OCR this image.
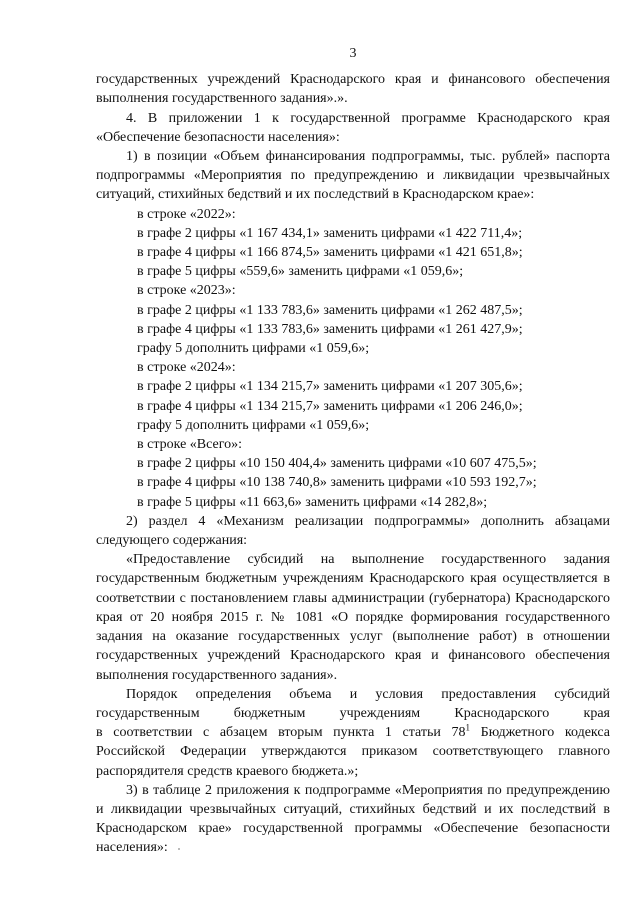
3

государственных учреждений Краснодарского края и финансового обеспечения выполнения государственного задания».».

4. В приложении 1 к государственной программе Краснодарского края «Обеспечение безопасности населения»:

1) в позиции «Объем финансирования подпрограммы, тыс. рублей» паспорта подпрограммы «Мероприятия по предупреждению и ликвидации чрезвычайных ситуаций, стихийных бедствий и их последствий в Краснодарском крае»:

в строке «2022»:

в графе 2 цифры «1 167 434,1» заменить цифрами «1 422 711,4»;

в графе 4 цифры «1 166 874,5» заменить цифрами «1 421 651,8»;

в графе 5 цифры «559,6» заменить цифрами «1 059,6»;

в строке «2023»:

в графе 2 цифры «1 133 783,6» заменить цифрами «1 262 487,5»;

в графе 4 цифры «1 133 783,6» заменить цифрами «1 261 427,9»;

графу 5 дополнить цифрами «1 059,6»;

в строке «2024»:

в графе 2 цифры «1 134 215,7» заменить цифрами «1 207 305,6»;

в графе 4 цифры «1 134 215,7» заменить цифрами «1 206 246,0»;

графу 5 дополнить цифрами «1 059,6»;

в строке «Всего»:

в графе 2 цифры «10 150 404,4» заменить цифрами «10 607 475,5»;

в графе 4 цифры «10 138 740,8» заменить цифрами «10 593 192,7»;

в графе 5 цифры «11 663,6» заменить цифрами «14 282,8»;

2) раздел 4 «Механизм реализации подпрограммы» дополнить абзацами следующего содержания:

«Предоставление субсидий на выполнение государственного задания государственным бюджетным учреждениям Краснодарского края осуществляется в соответствии с постановлением главы администрации (губернатора) Краснодарского края от 20 ноября 2015 г. № 1081 «О порядке формирования государственного задания на оказание государственных услуг (выполнение работ) в отношении государственных учреждений Краснодарского края и финансового обеспечения выполнения государственного задания».

Порядок определения объема и условия предоставления субсидий

государственным бюджетным учреждениям Краснодарского края

в соответствии с абзацем вторым пункта 1 статьи $78^1$ Бюджетного кодекса

Российской Федерации утверждаются приказом соответствующего главного распорядителя средств краевого бюджета.»;

3) в таблице 2 приложения к подпрограмме «Мероприятия по предупреждению и ликвидации чрезвычайных ситуаций, стихийных бедствий и их последствий в Краснодарском крае» государственной программы «Обеспечение безопасности населения»:
